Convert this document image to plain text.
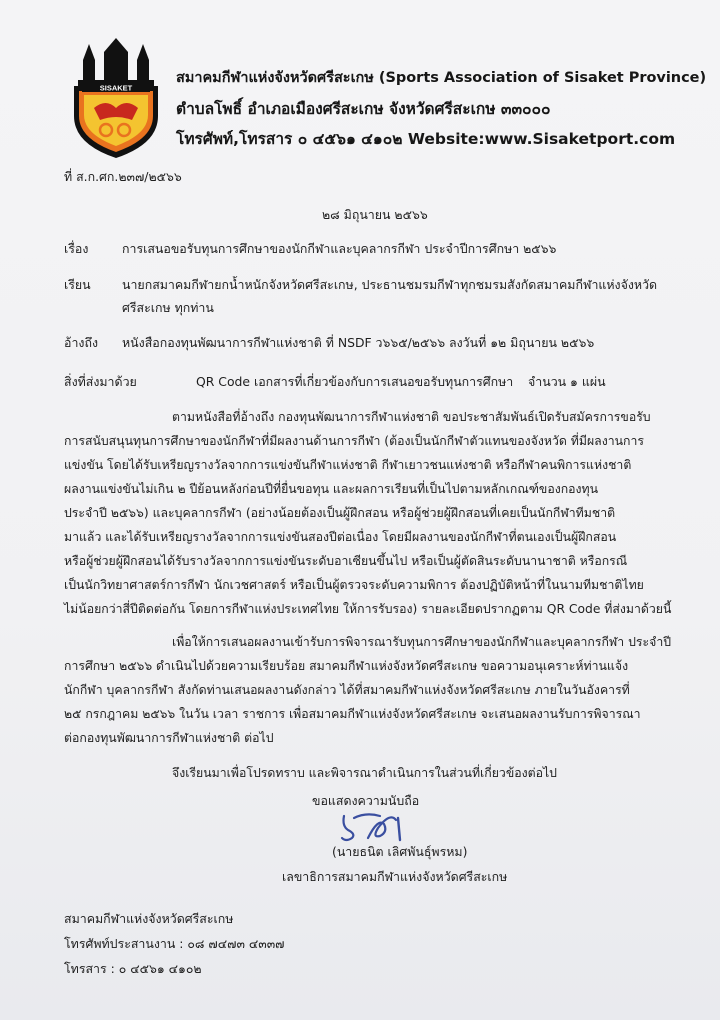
SISAKET
สมาคมกีฬาแห่งจังหวัดศรีสะเกษ (Sports Association of Sisaket Province)
ตำบลโพธิ์ อำเภอเมืองศรีสะเกษ จังหวัดศรีสะเกษ ๓๓๐๐๐
โทรศัพท์,โทรสาร ๐ ๔๕๖๑ ๔๑๐๒ Website:www.Sisaketport.com
ที่ ส.ก.ศก.๒๓๗/๒๕๖๖
๒๘ มิถุนายน ๒๕๖๖
เรื่อง	การเสนอขอรับทุนการศึกษาของนักกีฬาและบุคลากรกีฬา ประจำปีการศึกษา ๒๕๖๖
เรียน	นายกสมาคมกีฬายกน้ำหนักจังหวัดศรีสะเกษ, ประธานชมรมกีฬาทุกชมรมสังกัดสมาคมกีฬาแห่งจังหวัด
ศรีสะเกษ ทุกท่าน
อ้างถึง หนังสือกองทุนพัฒนาการกีฬาแห่งชาติ ที่ NSDF ว๖๖๕/๒๕๖๖ ลงวันที่ ๑๒ มิถุนายน ๒๕๖๖
สิ่งที่ส่งมาด้วย	QR Code เอกสารที่เกี่ยวข้องกับการเสนอขอรับทุนการศึกษา จำนวน ๑ แผ่น
ตามหนังสือที่อ้างถึง กองทุนพัฒนาการกีฬาแห่งชาติ ขอประชาสัมพันธ์เปิดรับสมัครการขอรับ
การสนับสนุนทุนการศึกษาของนักกีฬาที่มีผลงานด้านการกีฬา (ต้องเป็นนักกีฬาตัวแทนของจังหวัด ที่มีผลงานการ
แข่งขัน โดยได้รับเหรียญรางวัลจากการแข่งขันกีฬาแห่งชาติ กีฬาเยาวชนแห่งชาติ หรือกีฬาคนพิการแห่งชาติ
ผลงานแข่งขันไม่เกิน ๒ ปีย้อนหลังก่อนปีที่ยื่นขอทุน และผลการเรียนที่เป็นไปตามหลักเกณฑ์ของกองทุน
ประจำปี ๒๕๖๖) และบุคลากรกีฬา (อย่างน้อยต้องเป็นผู้ฝึกสอน หรือผู้ช่วยผู้ฝึกสอนที่เคยเป็นนักกีฬาทีมชาติ
มาแล้ว และได้รับเหรียญรางวัลจากการแข่งขันสองปีต่อเนื่อง โดยมีผลงานของนักกีฬาที่ตนเองเป็นผู้ฝึกสอน
หรือผู้ช่วยผู้ฝึกสอนได้รับรางวัลจากการแข่งขันระดับอาเซียนขึ้นไป หรือเป็นผู้ตัดสินระดับนานาชาติ หรือกรณี
เป็นนักวิทยาศาสตร์การกีฬา นักเวชศาสตร์ หรือเป็นผู้ตรวจระดับความพิการ ต้องปฏิบัติหน้าที่ในนามทีมชาติไทย
ไม่น้อยกว่าสี่ปีติดต่อกัน โดยการกีฬาแห่งประเทศไทย ให้การรับรอง) รายละเอียดปรากฏตาม QR Code ที่ส่งมาด้วยนี้
เพื่อให้การเสนอผลงานเข้ารับการพิจารณารับทุนการศึกษาของนักกีฬาและบุคลากรกีฬา ประจำปี
การศึกษา ๒๕๖๖ ดำเนินไปด้วยความเรียบร้อย สมาคมกีฬาแห่งจังหวัดศรีสะเกษ ขอความอนุเคราะห์ท่านแจ้ง
นักกีฬา บุคลากรกีฬา สังกัดท่านเสนอผลงานดังกล่าว ได้ที่สมาคมกีฬาแห่งจังหวัดศรีสะเกษ ภายในวันอังคารที่
๒๕ กรกฎาคม ๒๕๖๖ ในวัน เวลา ราชการ เพื่อสมาคมกีฬาแห่งจังหวัดศรีสะเกษ จะเสนอผลงานรับการพิจารณา
ต่อกองทุนพัฒนาการกีฬาแห่งชาติ ต่อไป
จึงเรียนมาเพื่อโปรดทราบ และพิจารณาดำเนินการในส่วนที่เกี่ยวข้องต่อไป
ขอแสดงความนับถือ
(นายธนิต เลิศพันธุ์พรหม)
เลขาธิการสมาคมกีฬาแห่งจังหวัดศรีสะเกษ
สมาคมกีฬาแห่งจังหวัดศรีสะเกษ
โทรศัพท์ประสานงาน : ๐๘ ๗๔๗๓ ๔๓๓๗
โทรสาร : ๐ ๔๕๖๑ ๔๑๐๒
